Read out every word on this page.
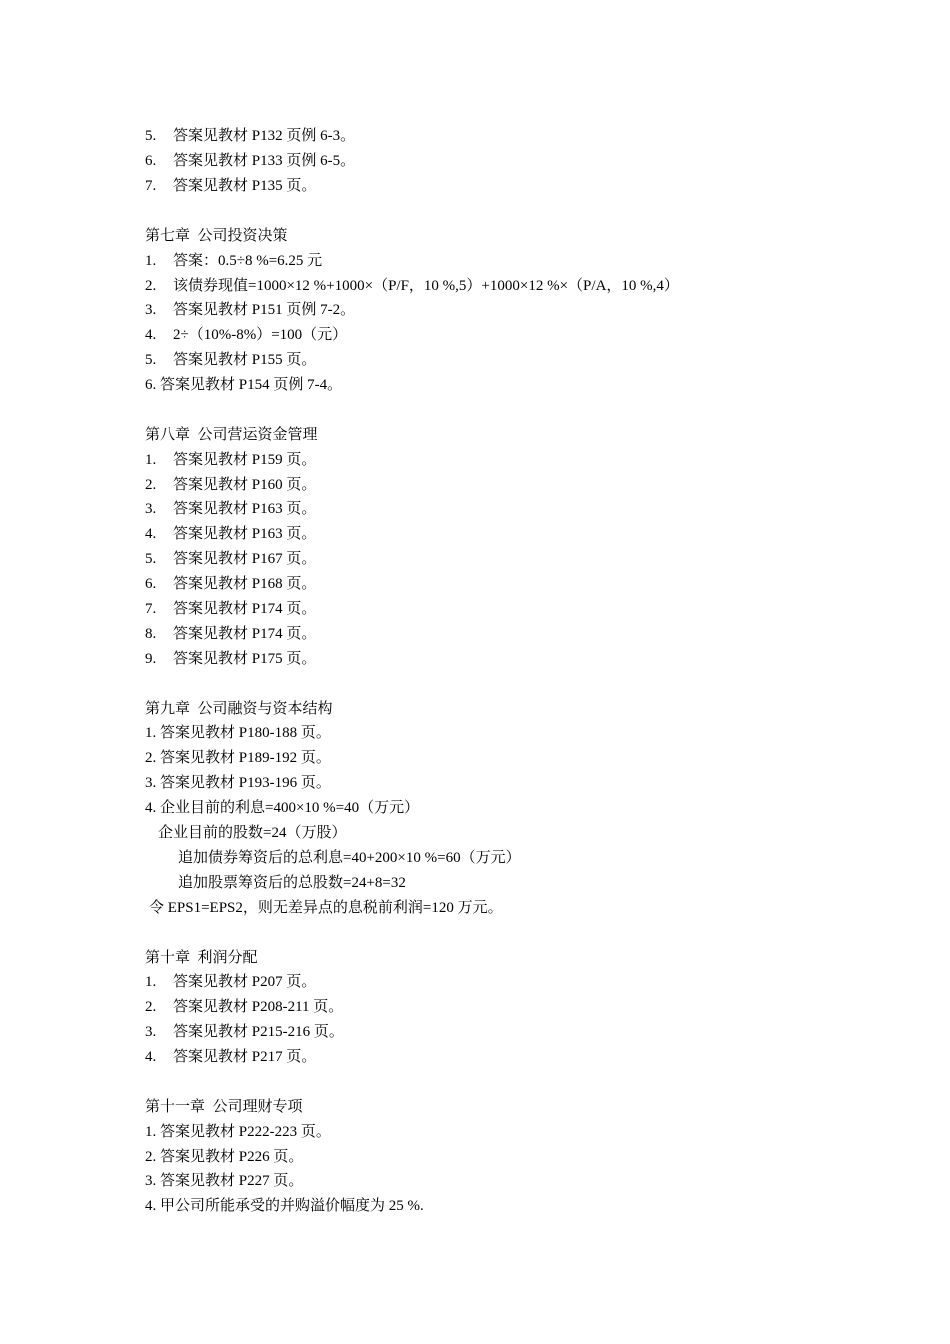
5. 答案见教材 P132 页例 6-3。
6. 答案见教材 P133 页例 6-5。
7. 答案见教材 P135 页。
第七章  公司投资决策
1. 答案：0.5÷8 %=6.25 元
2. 该债券现值=1000×12 %+1000×（P/F，10 %,5）+1000×12 %×（P/A，10 %,4）
3. 答案见教材 P151 页例 7-2。
4. 2÷（10%-8%）=100（元）
5. 答案见教材 P155 页。
6. 答案见教材 P154 页例 7-4。
第八章  公司营运资金管理
1. 答案见教材 P159 页。
2. 答案见教材 P160 页。
3. 答案见教材 P163 页。
4. 答案见教材 P163 页。
5. 答案见教材 P167 页。
6. 答案见教材 P168 页。
7. 答案见教材 P174 页。
8. 答案见教材 P174 页。
9. 答案见教材 P175 页。
第九章  公司融资与资本结构
1. 答案见教材 P180-188 页。
2. 答案见教材 P189-192 页。
3. 答案见教材 P193-196 页。
4. 企业目前的利息=400×10 %=40（万元）
企业目前的股数=24（万股）
追加债券筹资后的总利息=40+200×10 %=60（万元）
追加股票筹资后的总股数=24+8=32
令 EPS1=EPS2，则无差异点的息税前利润=120 万元。
第十章  利润分配
1. 答案见教材 P207 页。
2. 答案见教材 P208-211 页。
3. 答案见教材 P215-216 页。
4. 答案见教材 P217 页。
第十一章  公司理财专项
1. 答案见教材 P222-223 页。
2. 答案见教材 P226 页。
3. 答案见教材 P227 页。
4. 甲公司所能承受的并购溢价幅度为 25 %.
